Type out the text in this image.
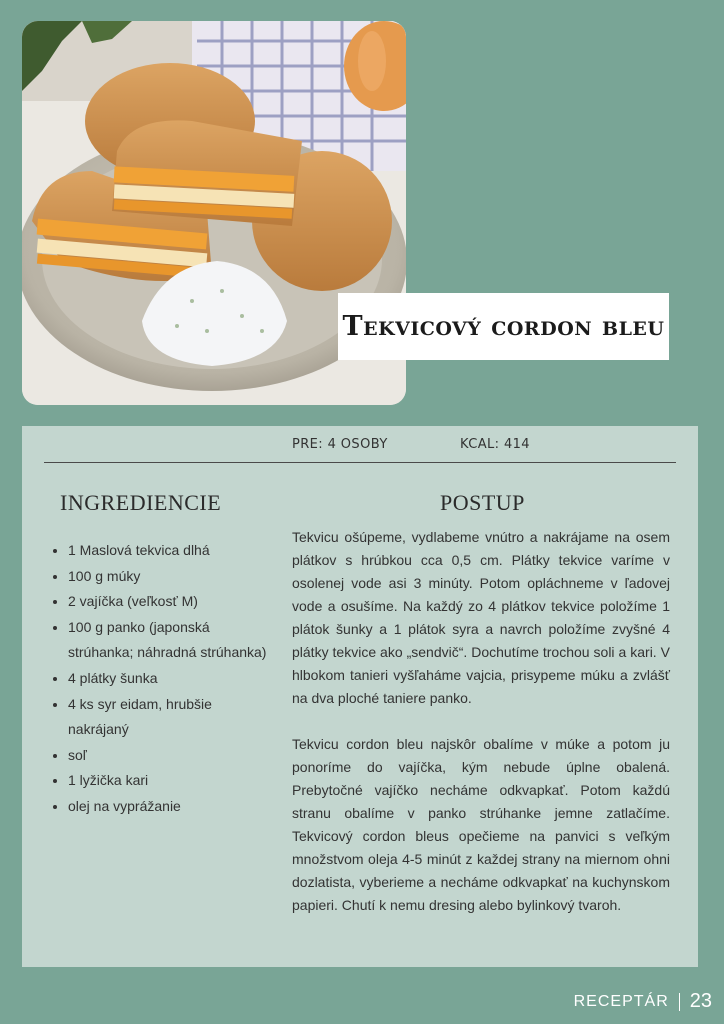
Tekvicový cordon bleu
PRE: 4 OSOBY	KCAL: 414
INGREDIENCIE	POSTUP
• 1 Maslová tekvica dlhá
• 100 g múky
• 2 vajíčka (veľkosť M)
• 100 g panko (japonská strúhanka; náhradná strúhanka)
• 4 plátky šunka
• 4 ks syr eidam, hrubšie nakrájaný
• soľ
• 1 lyžička kari
• olej na vyprážanie

Tekvicu ošúpeme, vydlabeme vnútro a nakrájame na osem plátkov s hrúbkou cca 0,5 cm. Plátky tekvice varíme v osolenej vode asi 3 minúty. Potom opláchneme v ľadovej vode a osušíme. Na každý zo 4 plátkov tekvice položíme 1 plátok šunky a 1 plátok syra a navrch položíme zvyšné 4 plátky tekvice ako „sendvič“. Dochutíme trochou soli a kari. V hlbokom tanieri vyšľaháme vajcia, prisypeme múku a zvlášť na dva ploché taniere panko.

Tekvicu cordon bleu najskôr obalíme v múke a potom ju ponoríme do vajíčka, kým nebude úplne obalená. Prebytočné vajíčko necháme odkvapkať. Potom každú stranu obalíme v panko strúhanke jemne zatlačíme. Tekvicový cordon bleus opečieme na panvici s veľkým množstvom oleja 4-5 minút z každej strany na miernom ohni dozlatista, vyberieme a necháme odkvapkať na kuchynskom papieri. Chutí k nemu dresing alebo bylinkový tvaroh.

RECEPTÁR 23
